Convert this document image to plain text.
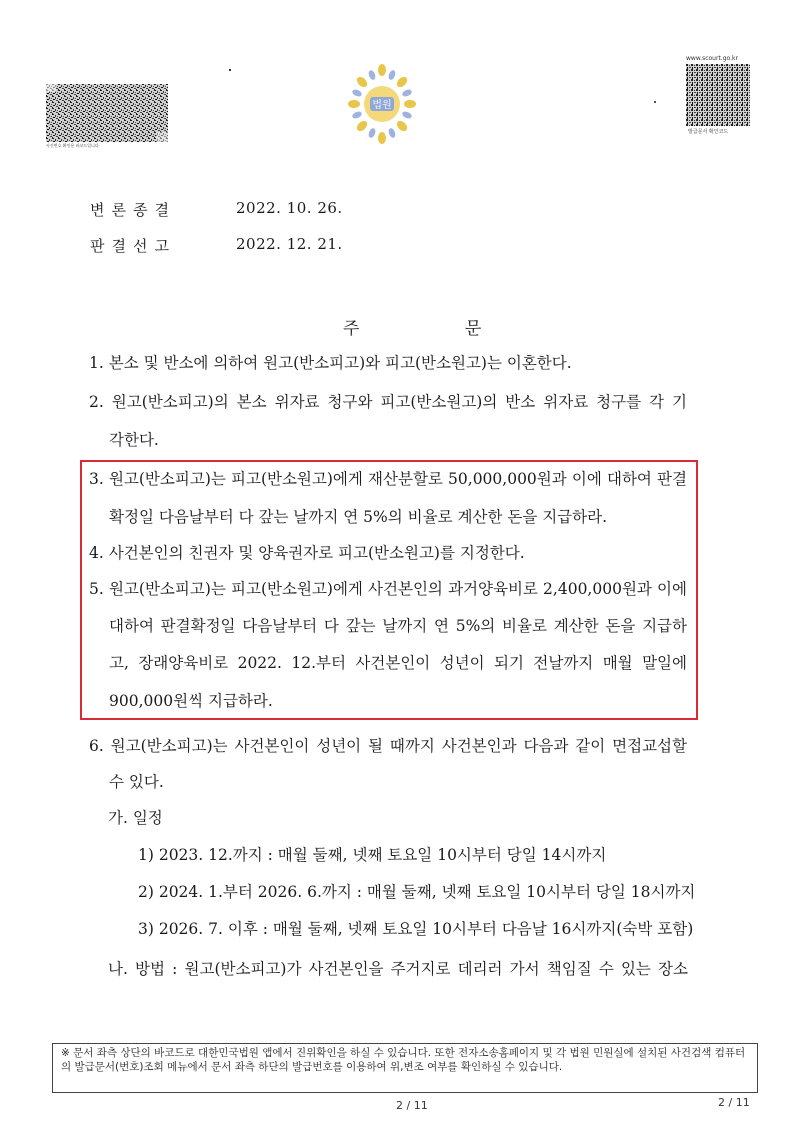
사건번호 확인용 바코드입니다
www.scourt.go.kr
발급문서 확인코드
법원
변론종결	2022. 10. 26.
판결선고	2022. 12. 21.
주 문
1. 본소 및 반소에 의하여 원고(반소피고)와 피고(반소원고)는 이혼한다.
2. 원고(반소피고)의 본소 위자료 청구와 피고(반소원고)의 반소 위자료 청구를 각 기
각한다.
3. 원고(반소피고)는 피고(반소원고)에게 재산분할로 50,000,000원과 이에 대하여 판결
확정일 다음날부터 다 갚는 날까지 연 5%의 비율로 계산한 돈을 지급하라.
4. 사건본인의 친권자 및 양육권자로 피고(반소원고)를 지정한다.
5. 원고(반소피고)는 피고(반소원고)에게 사건본인의 과거양육비로 2,400,000원과 이에
대하여 판결확정일 다음날부터 다 갚는 날까지 연 5%의 비율로 계산한 돈을 지급하
고, 장래양육비로 2022. 12.부터 사건본인이 성년이 되기 전날까지 매월 말일에
900,000원씩 지급하라.
6. 원고(반소피고)는 사건본인이 성년이 될 때까지 사건본인과 다음과 같이 면접교섭할
수 있다.
가. 일정
1) 2023. 12.까지 : 매월 둘째, 넷째 토요일 10시부터 당일 14시까지
2) 2024. 1.부터 2026. 6.까지 : 매월 둘째, 넷째 토요일 10시부터 당일 18시까지
3) 2026. 7. 이후 : 매월 둘째, 넷째 토요일 10시부터 다음날 16시까지(숙박 포함)
나. 방법 : 원고(반소피고)가 사건본인을 주거지로 데리러 가서 책임질 수 있는 장소
※ 문서 좌측 상단의 바코드로 대한민국법원 앱에서 진위확인을 하실 수 있습니다. 또한 전자소송홈페이지 및 각 법원 민원실에 설치된 사건검색 컴퓨터의 발급문서(번호)조회 메뉴에서 문서 좌측 하단의 발급번호를 이용하여 위,변조 여부를 확인하실 수 있습니다.
2 / 11	2 / 11
